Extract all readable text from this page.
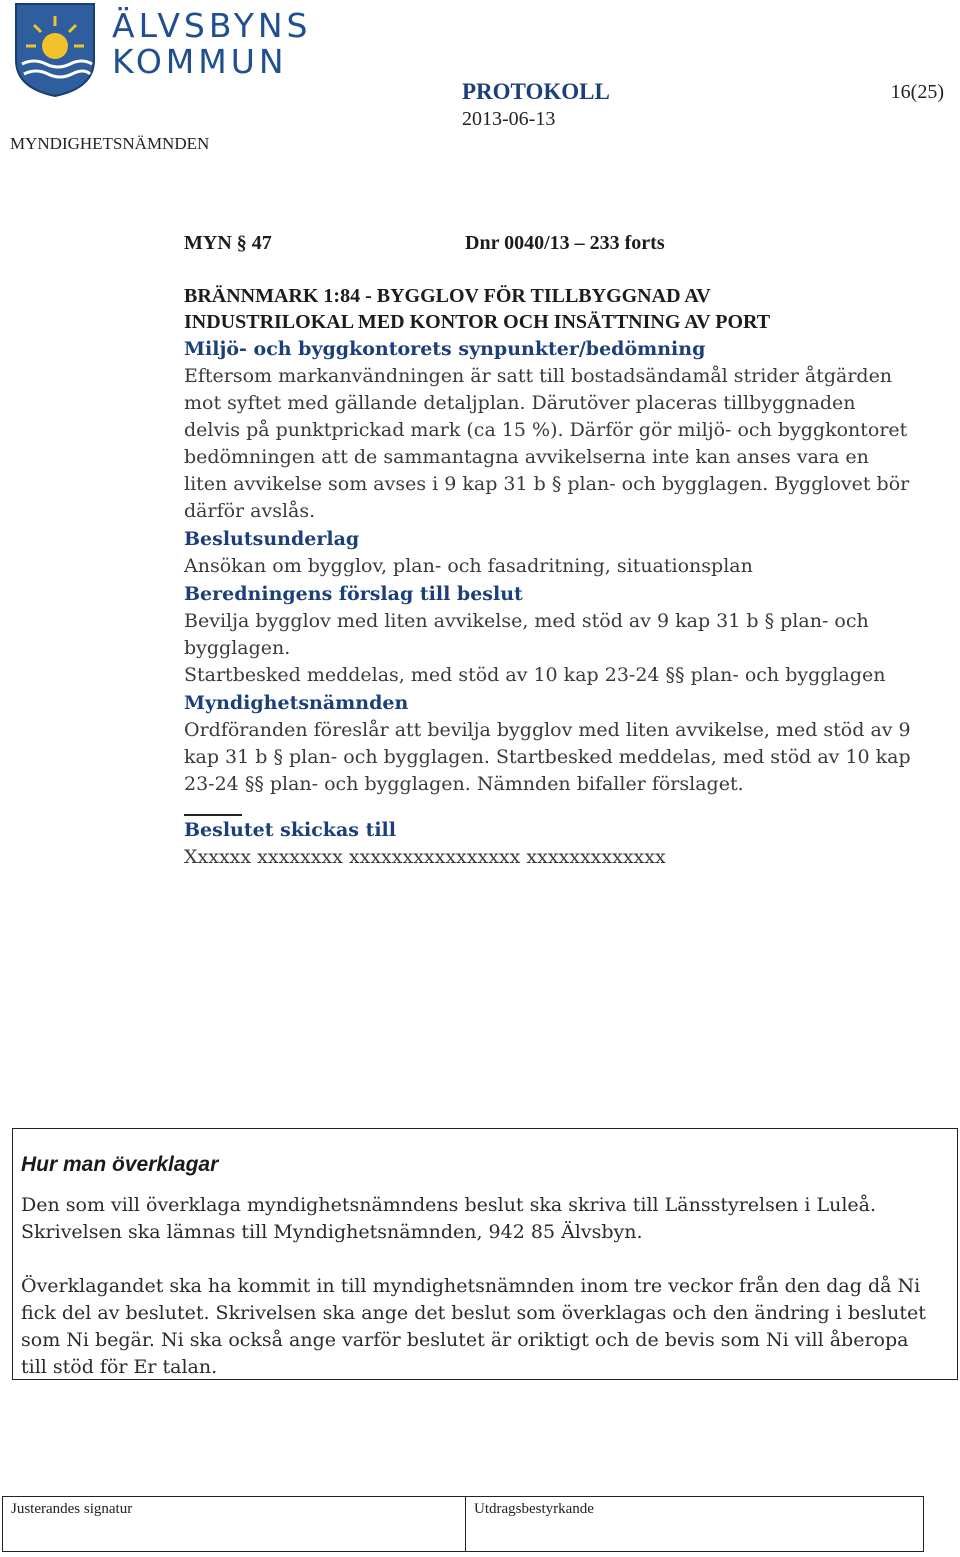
ÄLVSBYNS
KOMMUN
PROTOKOLL	16(25)
2013-06-13
MYNDIGHETSNÄMNDEN
MYN § 47	Dnr 0040/13 – 233 forts
BRÄNNMARK 1:84 - BYGGLOV FÖR TILLBYGGNAD AV
INDUSTRILOKAL MED KONTOR OCH INSÄTTNING AV PORT

Miljö- och byggkontorets synpunkter/bedömning

Eftersom markanvändningen är satt till bostadsändamål strider åtgärden mot syftet med gällande detaljplan. Därutöver placeras tillbyggnaden delvis på punktprickad mark (ca 15 %). Därför gör miljö- och byggkontoret bedömningen att de sammantagna avvikelserna inte kan anses vara en liten avvikelse som avses i 9 kap 31 b § plan- och bygglagen. Bygglovet bör därför avslås.

Beslutsunderlag

Ansökan om bygglov, plan- och fasadritning, situationsplan

Beredningens förslag till beslut

Bevilja bygglov med liten avvikelse, med stöd av 9 kap 31 b § plan- och bygglagen.

Startbesked meddelas, med stöd av 10 kap 23-24 §§ plan- och bygglagen

Myndighetsnämnden

Ordföranden föreslår att bevilja bygglov med liten avvikelse, med stöd av 9 kap 31 b § plan- och bygglagen. Startbesked meddelas, med stöd av 10 kap 23-24 §§ plan- och bygglagen. Nämnden bifaller förslaget.

Beslutet skickas till

Xxxxxx xxxxxxxx xxxxxxxxxxxxxxxx xxxxxxxxxxxxx

Hur man överklagar

Den som vill överklaga myndighetsnämndens beslut ska skriva till Länsstyrelsen i Luleå. Skrivelsen ska lämnas till Myndighetsnämnden, 942 85 Älvsbyn.

Överklagandet ska ha kommit in till myndighetsnämnden inom tre veckor från den dag då Ni fick del av beslutet. Skrivelsen ska ange det beslut som överklagas och den ändring i beslutet som Ni begär. Ni ska också ange varför beslutet är oriktigt och de bevis som Ni vill åberopa till stöd för Er talan.

Justerandes signatur	Utdragsbestyrkande
